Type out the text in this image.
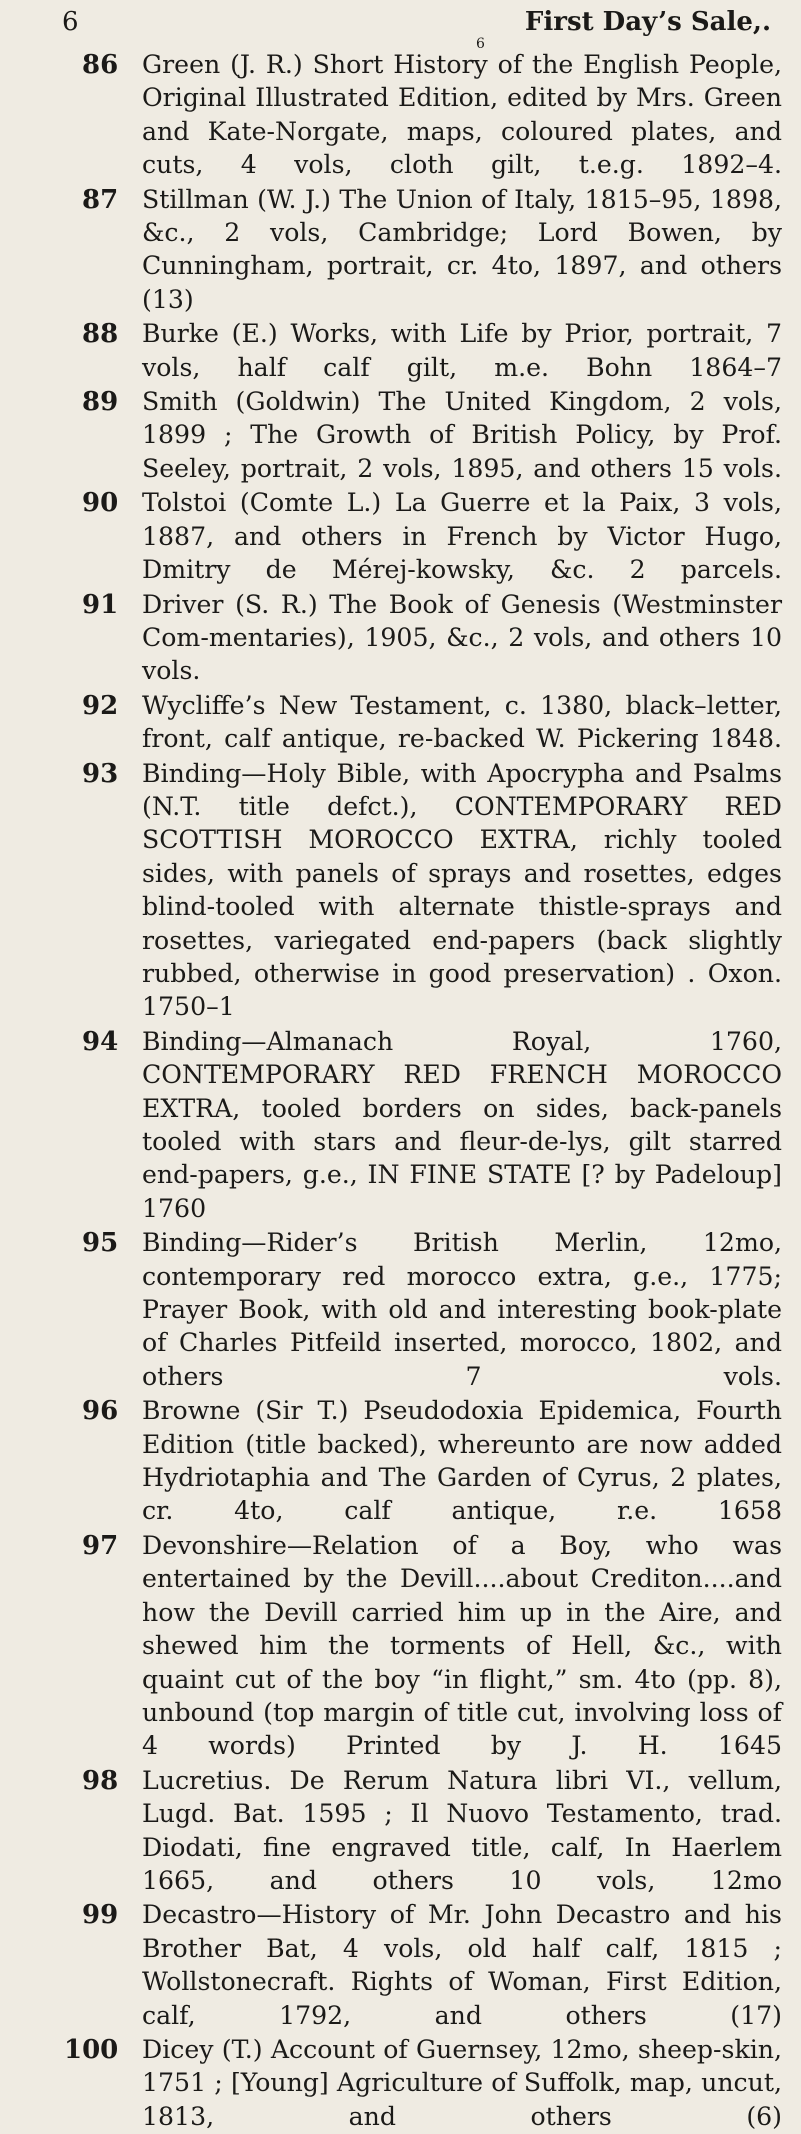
6	First Day’s Sale,.
6
86 Green (J. R.) Short History of the English People, Original Illustrated Edition, edited by Mrs. Green and Kate-Norgate, maps, coloured plates, and cuts, 4 vols, cloth gilt, t.e.g. 1892–4.
87 Stillman (W. J.) The Union of Italy, 1815–95, 1898, &c., 2 vols, Cambridge; Lord Bowen, by Cunningham, portrait, cr. 4to, 1897, and others (13)
88 Burke (E.) Works, with Life by Prior, portrait, 7 vols, half calf gilt, m.e. Bohn 1864–7
89 Smith (Goldwin) The United Kingdom, 2 vols, 1899 ; The Growth of British Policy, by Prof. Seeley, portrait, 2 vols, 1895, and others 15 vols.
90 Tolstoi (Comte L.) La Guerre et la Paix, 3 vols, 1887, and others in French by Victor Hugo, Dmitry de Mérej-kowsky, &c. 2 parcels.
91 Driver (S. R.) The Book of Genesis (Westminster Com-mentaries), 1905, &c., 2 vols, and others 10 vols.
92 Wycliffe’s New Testament, c. 1380, black–letter, front, calf antique, re-backed W. Pickering 1848.
93 Binding—Holy Bible, with Apocrypha and Psalms (N.T. title defct.), CONTEMPORARY RED SCOTTISH MOROCCO EXTRA, richly tooled sides, with panels of sprays and rosettes, edges blind-tooled with alternate thistle-sprays and rosettes, variegated end-papers (back slightly rubbed, otherwise in good preservation) . Oxon. 1750–1
94 Binding—Almanach Royal, 1760, CONTEMPORARY RED FRENCH MOROCCO EXTRA, tooled borders on sides, back-panels tooled with stars and fleur-de-lys, gilt starred end-papers, g.e., IN FINE STATE [? by Padeloup] 1760
95 Binding—Rider’s British Merlin, 12mo, contemporary red morocco extra, g.e., 1775; Prayer Book, with old and interesting book-plate of Charles Pitfeild inserted, morocco, 1802, and others 7 vols.
96 Browne (Sir T.) Pseudodoxia Epidemica, Fourth Edition (title backed), whereunto are now added Hydriotaphia and The Garden of Cyrus, 2 plates, cr. 4to, calf antique, r.e. 1658
97 Devonshire—Relation of a Boy, who was entertained by the Devill....about Crediton....and how the Devill carried him up in the Aire, and shewed him the torments of Hell, &c., with quaint cut of the boy “in flight,” sm. 4to (pp. 8), unbound (top margin of title cut, involving loss of 4 words) Printed by J. H. 1645
98 Lucretius. De Rerum Natura libri VI., vellum, Lugd. Bat. 1595 ; Il Nuovo Testamento, trad. Diodati, fine engraved title, calf, In Haerlem 1665, and others 10 vols, 12mo
99 Decastro—History of Mr. John Decastro and his Brother Bat, 4 vols, old half calf, 1815 ; Wollstonecraft. Rights of Woman, First Edition, calf, 1792, and others (17)
100 Dicey (T.) Account of Guernsey, 12mo, sheep-skin, 1751 ; [Young] Agriculture of Suffolk, map, uncut, 1813, and others (6)
